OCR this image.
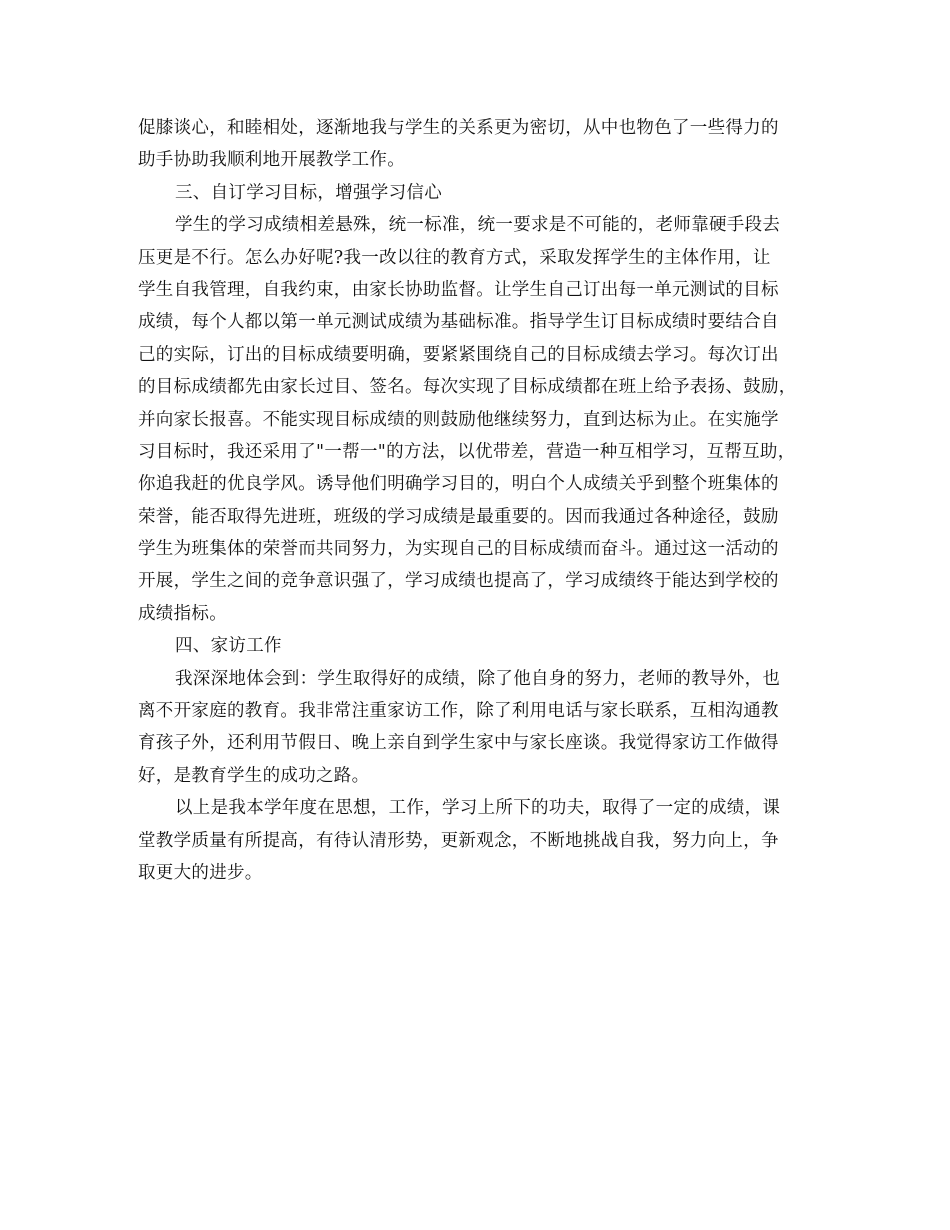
促膝谈心，和睦相处，逐渐地我与学生的关系更为密切，从中也物色了一些得力的
助手协助我顺利地开展教学工作。
三、自订学习目标，增强学习信心
学生的学习成绩相差悬殊，统一标准，统一要求是不可能的，老师靠硬手段去
压更是不行。怎么办好呢?我一改以往的教育方式，采取发挥学生的主体作用，让
学生自我管理，自我约束，由家长协助监督。让学生自己订出每一单元测试的目标
成绩，每个人都以第一单元测试成绩为基础标准。指导学生订目标成绩时要结合自
己的实际，订出的目标成绩要明确，要紧紧围绕自己的目标成绩去学习。每次订出
的目标成绩都先由家长过目、签名。每次实现了目标成绩都在班上给予表扬、鼓励，
并向家长报喜。不能实现目标成绩的则鼓励他继续努力，直到达标为止。在实施学
习目标时，我还采用了"一帮一"的方法，以优带差，营造一种互相学习，互帮互助，
你追我赶的优良学风。诱导他们明确学习目的，明白个人成绩关乎到整个班集体的
荣誉，能否取得先进班，班级的学习成绩是最重要的。因而我通过各种途径，鼓励
学生为班集体的荣誉而共同努力，为实现自己的目标成绩而奋斗。通过这一活动的
开展，学生之间的竞争意识强了，学习成绩也提高了，学习成绩终于能达到学校的
成绩指标。
四、家访工作
我深深地体会到：学生取得好的成绩，除了他自身的努力，老师的教导外，也
离不开家庭的教育。我非常注重家访工作，除了利用电话与家长联系，互相沟通教
育孩子外，还利用节假日、晚上亲自到学生家中与家长座谈。我觉得家访工作做得
好，是教育学生的成功之路。
以上是我本学年度在思想，工作，学习上所下的功夫，取得了一定的成绩，课
堂教学质量有所提高，有待认清形势，更新观念，不断地挑战自我，努力向上，争
取更大的进步。
